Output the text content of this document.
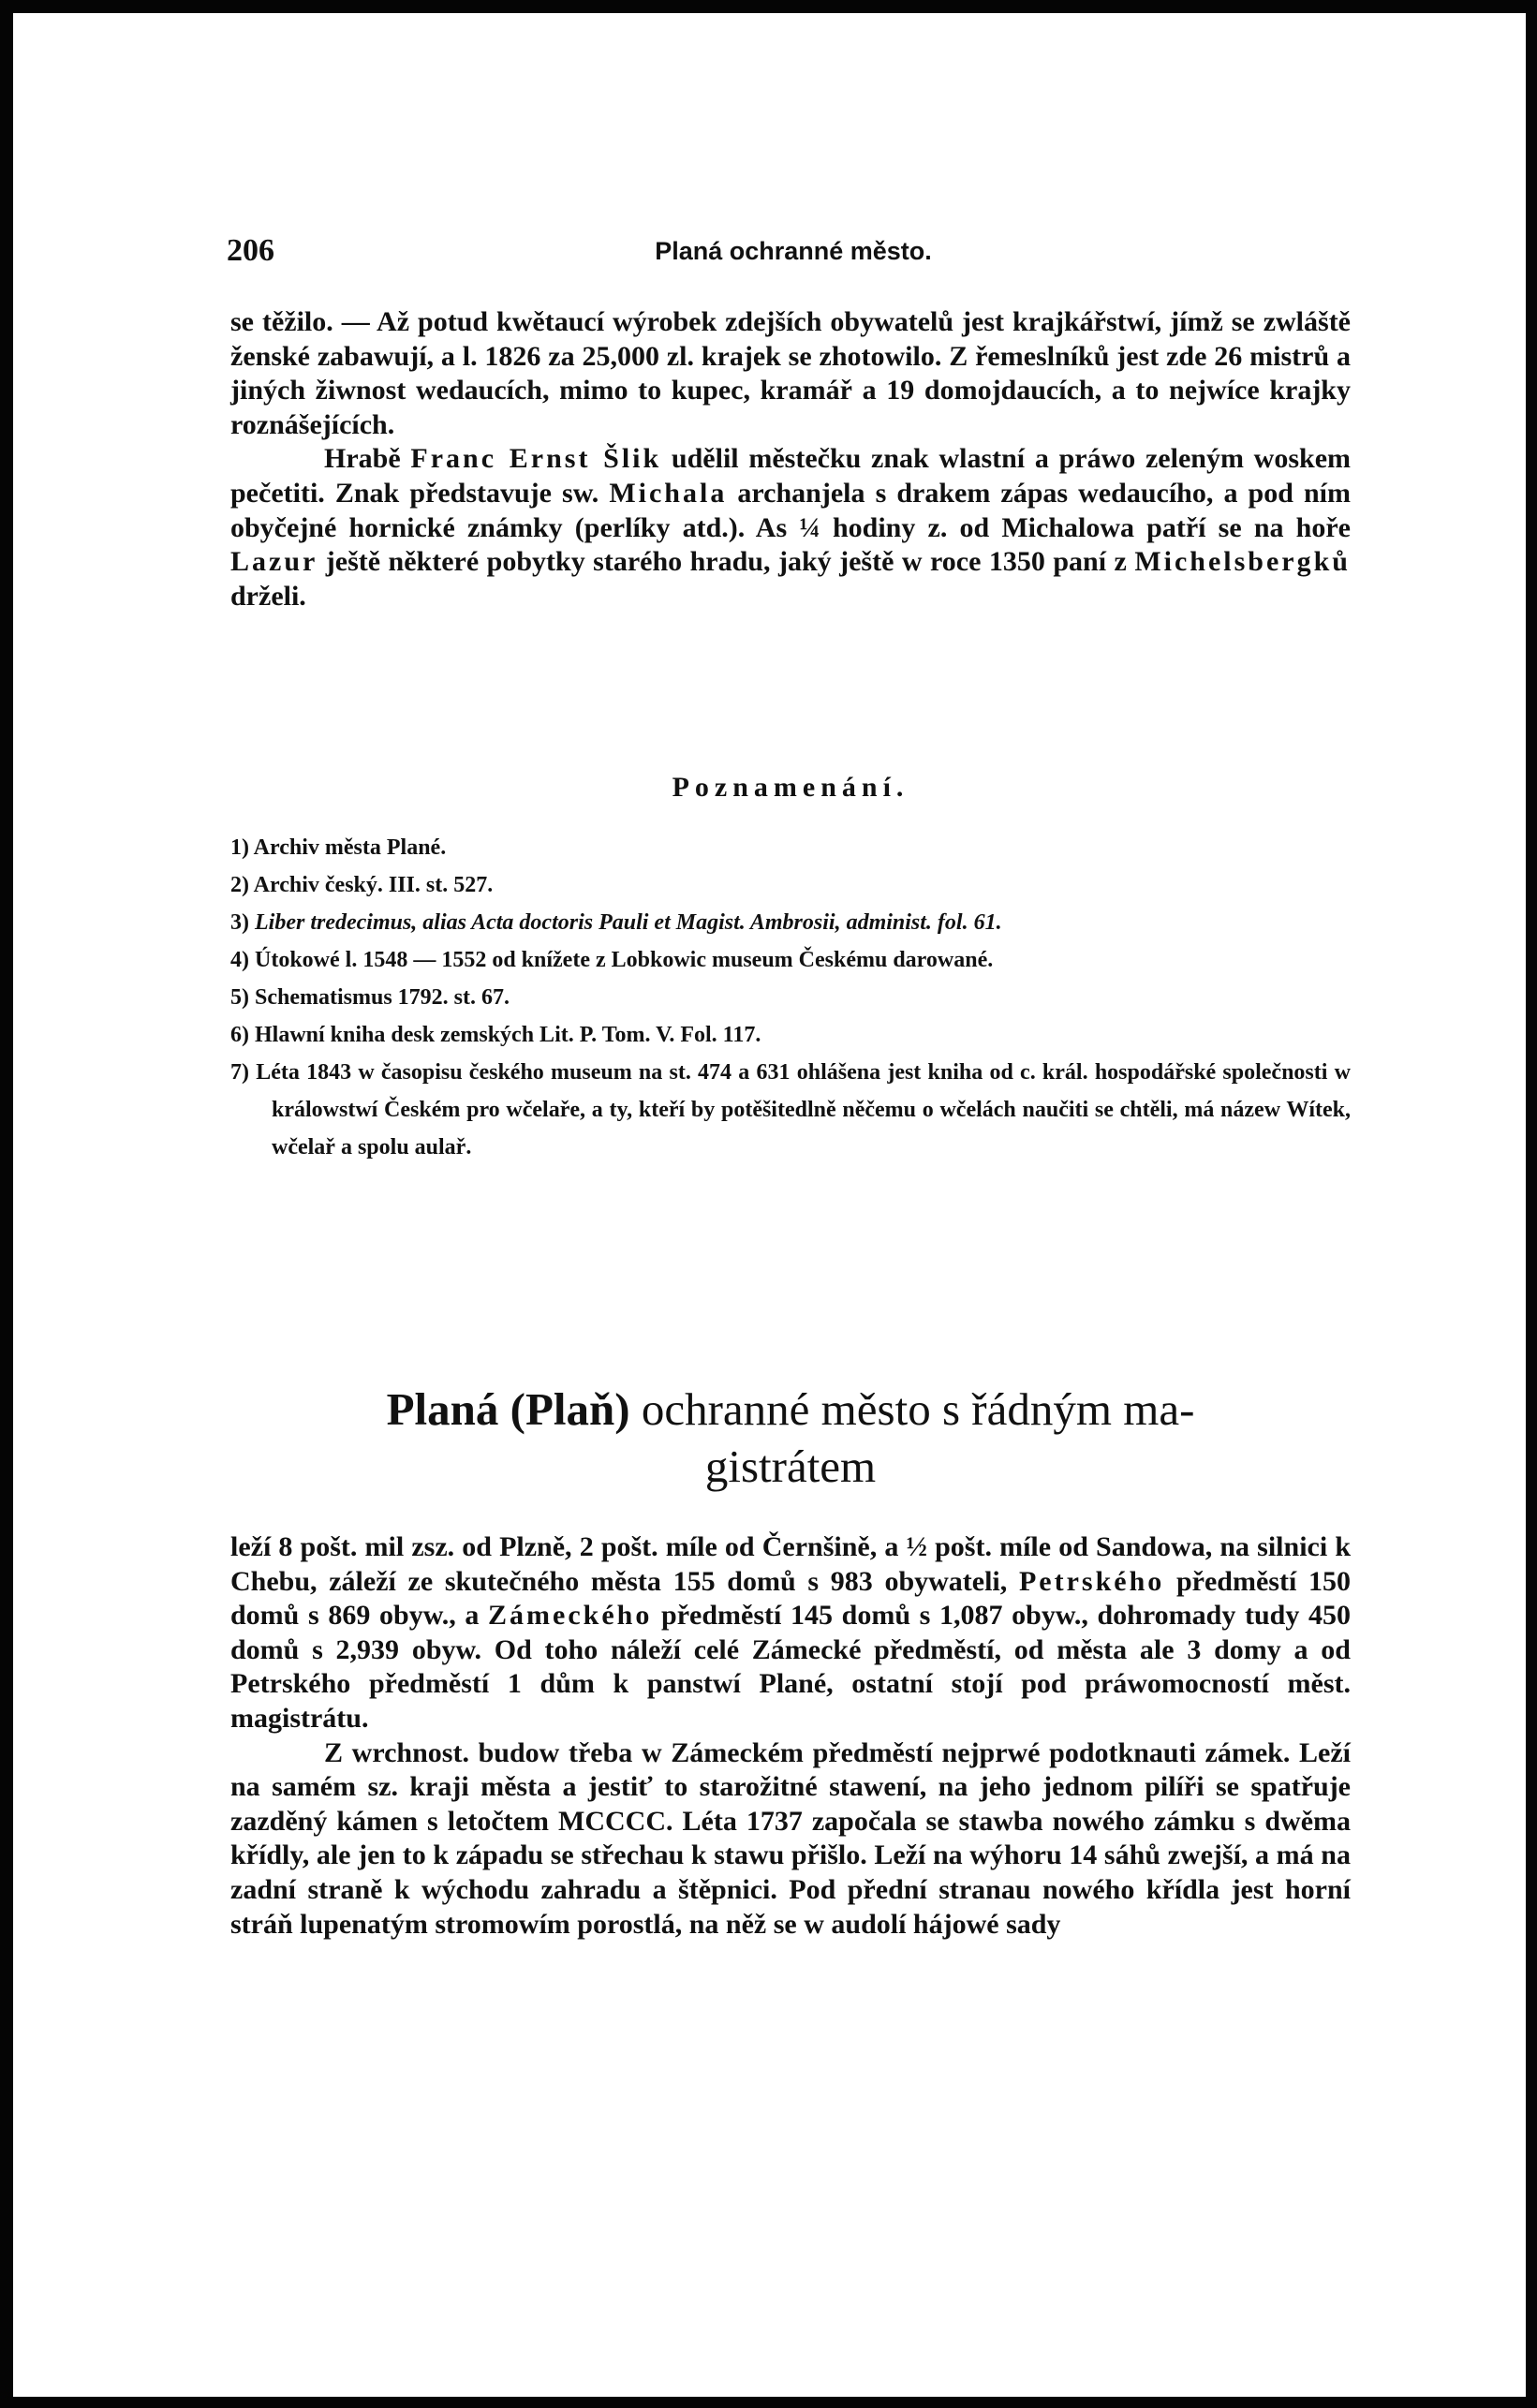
206	Planá ochranné město.

se těžilo. — Až potud kwětaucí wýrobek zdejších obywatelů jest krajkářstwí, jímž se zwláště ženské zabawují, a l. 1826 za 25,000 zl. krajek se zhotowilo. Z řemeslníků jest zde 26 mistrů a jiných žiwnost wedaucích, mimo to kupec, kramář a 19 domojdaucích, a to nejwíce krajky roznášejících.

Hrabě Franc Ernst Šlik udělil městečku znak wlastní a práwo zeleným woskem pečetiti. Znak představuje sw. Michala archanjela s drakem zápas wedaucího, a pod ním obyčejné hornické známky (perlíky atd.). As ¼ hodiny z. od Michalowa patří se na hoře Lazur ještě některé pobytky starého hradu, jaký ještě w roce 1350 paní z Michelsbergků drželi.

Poznamenání.
1) Archiv města Plané.
2) Archiv český. III. st. 527.
3) Liber tredecimus, alias Acta doctoris Pauli et Magist. Ambrosii, administ. fol. 61.
4) Útokowé l. 1548 — 1552 od knížete z Lobkowic museum Českému darowané.
5) Schematismus 1792. st. 67.
6) Hlawní kniha desk zemských Lit. P. Tom. V. Fol. 117.
7) Léta 1843 w časopisu českého museum na st. 474 a 631 ohlášena jest kniha od c. král. hospodářské společnosti w králowstwí Českém pro wčelaře, a ty, kteří by potěšitedlně něčemu o wčelách naučiti se chtěli, má názew Wítek, wčelař a spolu aulař.
Planá (Plaň) ochranné město s řádným ma-
gistrátem

leží 8 pošt. mil zsz. od Plzně, 2 pošt. míle od Černšině, a ½ pošt. míle od Sandowa, na silnici k Chebu, záleží ze skutečného města 155 domů s 983 obywateli, Petrského předměstí 150 domů s 869 obyw., a Zámeckého předměstí 145 domů s 1,087 obyw., dohromady tudy 450 domů s 2,939 obyw. Od toho náleží celé Zámecké předměstí, od města ale 3 domy a od Petrského předměstí 1 dům k panstwí Plané, ostatní stojí pod práwomocností měst. magistrátu.

Z wrchnost. budow třeba w Zámeckém předměstí nejprwé podotknauti zámek. Leží na samém sz. kraji města a jestiť to starožitné stawení, na jeho jednom pilíři se spatřuje zazděný kámen s letočtem MCCCC. Léta 1737 započala se stawba nowého zámku s dwěma křídly, ale jen to k západu se střechau k stawu přišlo. Leží na wýhoru 14 sáhů zwejší, a má na zadní straně k wýchodu zahradu a štěpnici. Pod přední stranau nowého křídla jest horní stráň lupenatým stromowím porostlá, na něž se w audolí hájowé sady
